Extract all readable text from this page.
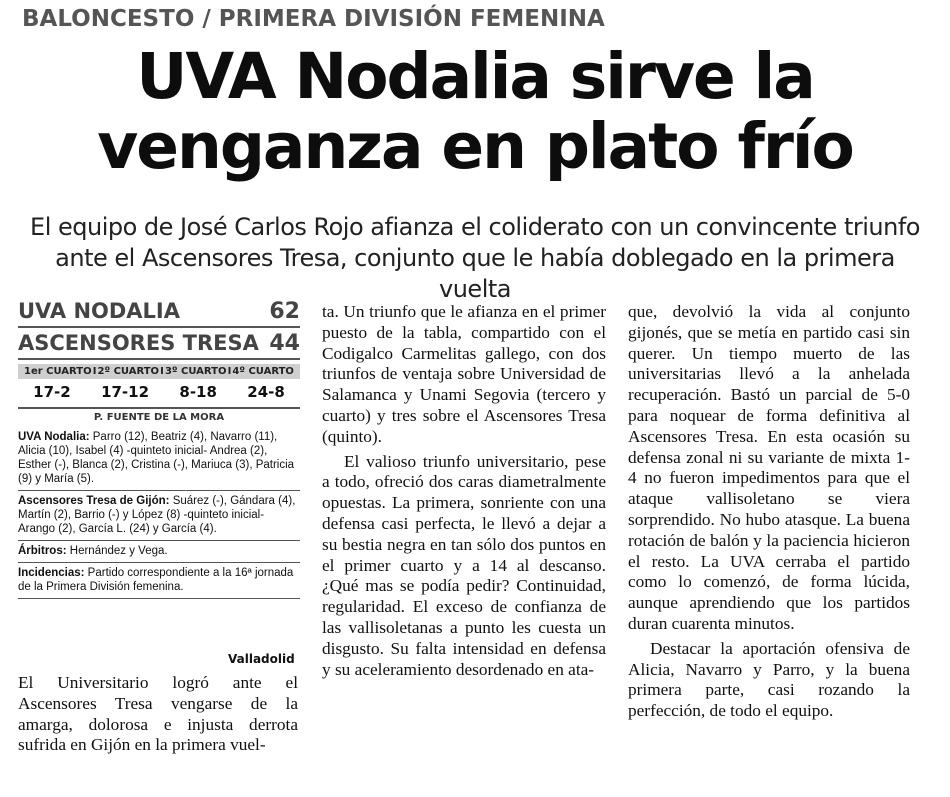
BALONCESTO / PRIMERA DIVISIÓN FEMENINA
UVA Nodalia sirve la
venganza en plato frío
El equipo de José Carlos Rojo afianza el coliderato con un convincente triunfo
ante el Ascensores Tresa, conjunto que le había doblegado en la primera vuelta
UVA NODALIA	62
ASCENSORES TRESA 44
1er CUARTO I 2º CUARTO I 3º CUARTO I 4º CUARTO
17-2 17-12 8-18 24-8
P. FUENTE DE LA MORA
UVA Nodalia: Parro (12), Beatriz (4), Navarro (11), Alicia (10), Isabel (4) -quinteto inicial- Andrea (2), Esther (-), Blanca (2), Cristina (-), Mariuca (3), Patricia (9) y María (5).
Ascensores Tresa de Gijón: Suárez (-), Gándara (4), Martín (2), Barrio (-) y López (8) -quinteto inicial- Arango (2), García L. (24) y García (4).
Árbitros: Hernández y Vega.
Incidencias: Partido correspondiente a la 16ª jornada de la Primera División femenina.
Valladolid

El Universitario logró ante el Ascensores Tresa vengarse de la amarga, dolorosa e injusta derrota sufrida en Gijón en la primera vuel-

ta. Un triunfo que le afianza en el primer puesto de la tabla, compartido con el Codigalco Carmelitas gallego, con dos triunfos de ventaja sobre Universidad de Salamanca y Unami Segovia (tercero y cuarto) y tres sobre el Ascensores Tresa (quinto).

El valioso triunfo universitario, pese a todo, ofreció dos caras diametralmente opuestas. La primera, sonriente con una defensa casi perfecta, le llevó a dejar a su bestia negra en tan sólo dos puntos en el primer cuarto y a 14 al descanso. ¿Qué mas se podía pedir? Continuidad, regularidad. El exceso de confianza de las vallisoletanas a punto les cuesta un disgusto. Su falta intensidad en defensa y su aceleramiento desordenado en ata-

que, devolvió la vida al conjunto gijonés, que se metía en partido casi sin querer. Un tiempo muerto de las universitarias llevó a la anhelada recuperación. Bastó un parcial de 5-0 para noquear de forma definitiva al Ascensores Tresa. En esta ocasión su defensa zonal ni su variante de mixta 1-4 no fueron impedimentos para que el ataque vallisoletano se viera sorprendido. No hubo atasque. La buena rotación de balón y la paciencia hicieron el resto. La UVA cerraba el partido como lo comenzó, de forma lúcida, aunque aprendiendo que los partidos duran cuarenta minutos.

Destacar la aportación ofensiva de Alicia, Navarro y Parro, y la buena primera parte, casi rozando la perfección, de todo el equipo.
